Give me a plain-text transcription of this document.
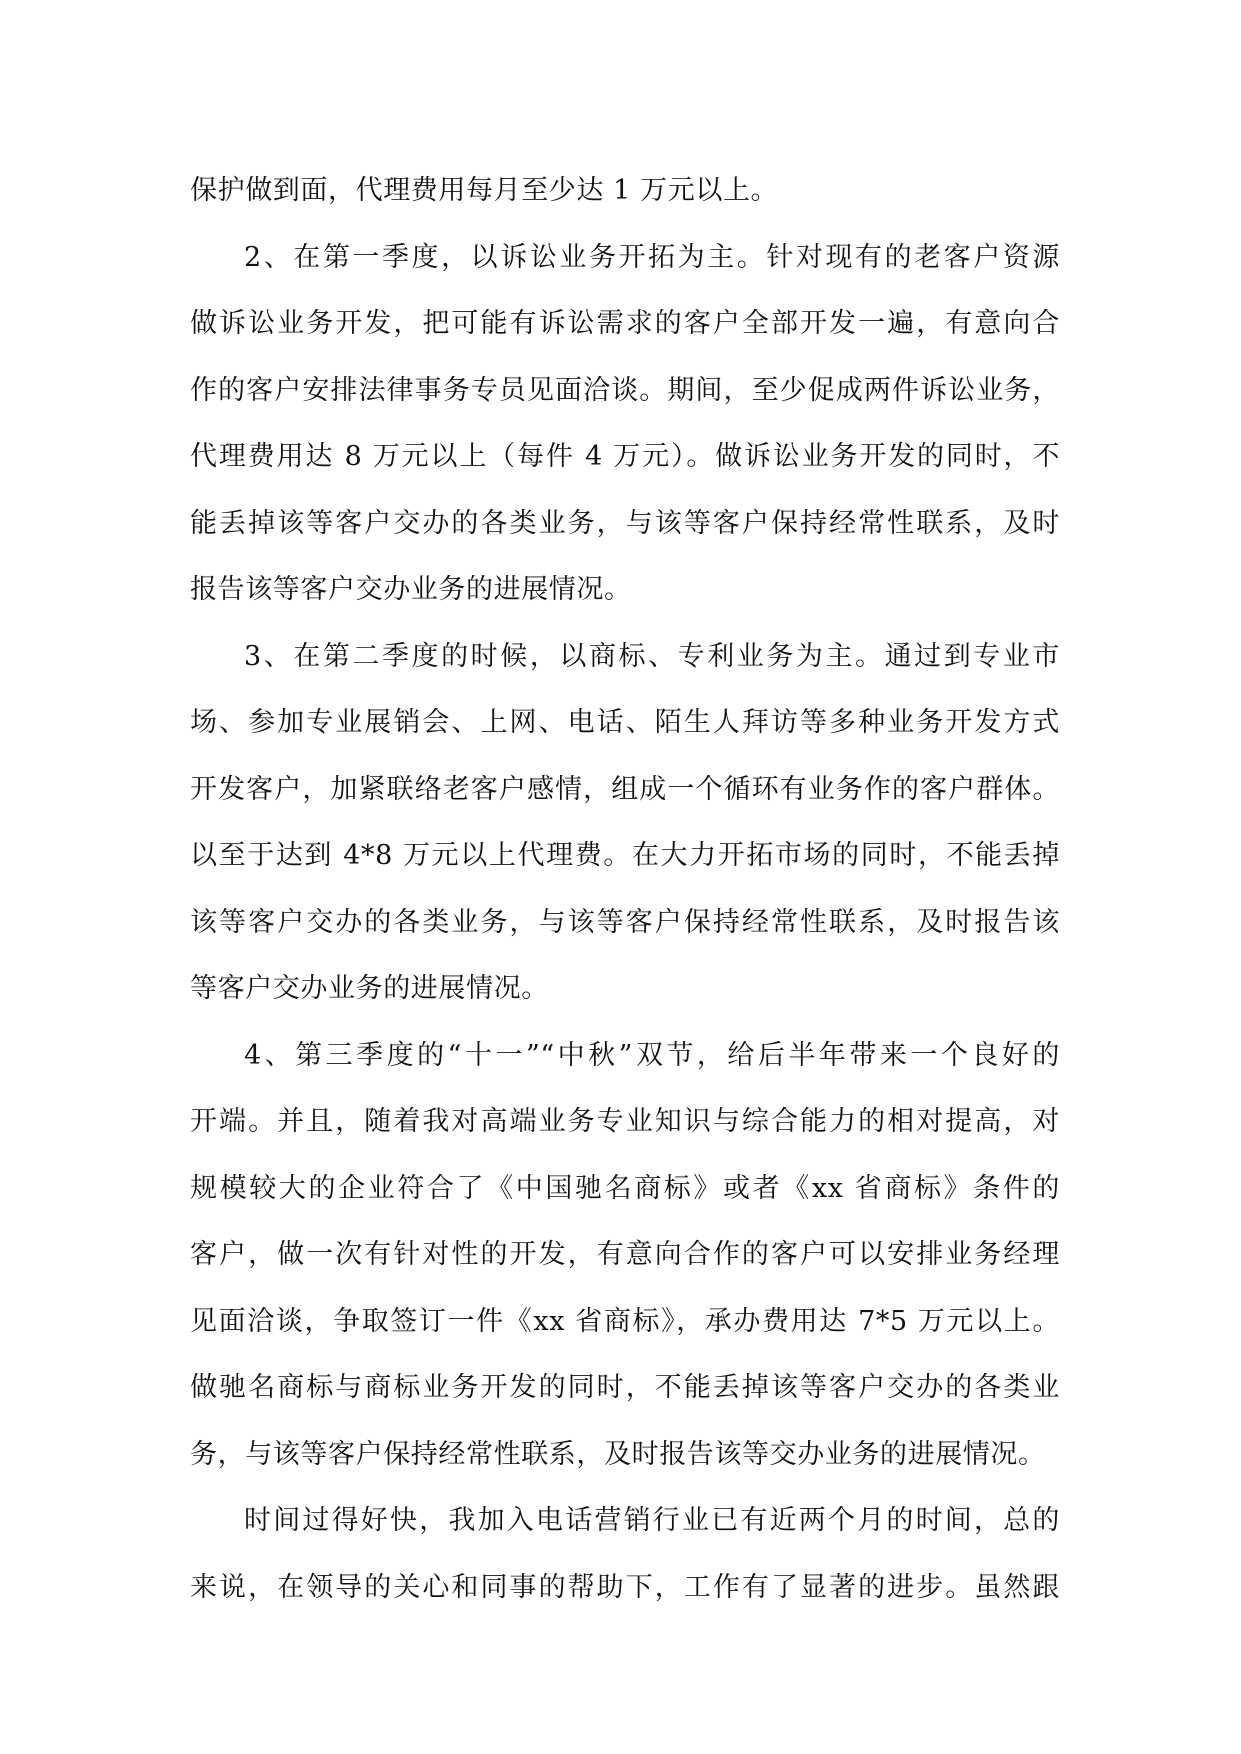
保护做到面，代理费用每月至少达 1 万元以上。
2、在第一季度，以诉讼业务开拓为主。针对现有的老客户资源
做诉讼业务开发，把可能有诉讼需求的客户全部开发一遍，有意向合
作的客户安排法律事务专员见面洽谈。期间，至少促成两件诉讼业务，
代理费用达 8 万元以上（每件 4 万元）。做诉讼业务开发的同时，不
能丢掉该等客户交办的各类业务，与该等客户保持经常性联系，及时
报告该等客户交办业务的进展情况。
3、在第二季度的时候，以商标、专利业务为主。通过到专业市
场、参加专业展销会、上网、电话、陌生人拜访等多种业务开发方式
开发客户，加紧联络老客户感情，组成一个循环有业务作的客户群体。
以至于达到 4*8 万元以上代理费。在大力开拓市场的同时，不能丢掉
该等客户交办的各类业务，与该等客户保持经常性联系，及时报告该
等客户交办业务的进展情况。
4、第三季度的“十一”“中秋”双节，给后半年带来一个良好的
开端。并且，随着我对高端业务专业知识与综合能力的相对提高，对
规模较大的企业符合了《中国驰名商标》或者《xx 省商标》条件的
客户，做一次有针对性的开发，有意向合作的客户可以安排业务经理
见面洽谈，争取签订一件《xx 省商标》，承办费用达 7*5 万元以上。
做驰名商标与商标业务开发的同时，不能丢掉该等客户交办的各类业
务，与该等客户保持经常性联系，及时报告该等交办业务的进展情况。
时间过得好快，我加入电话营销行业已有近两个月的时间，总的
来说，在领导的关心和同事的帮助下，工作有了显著的进步。虽然跟
